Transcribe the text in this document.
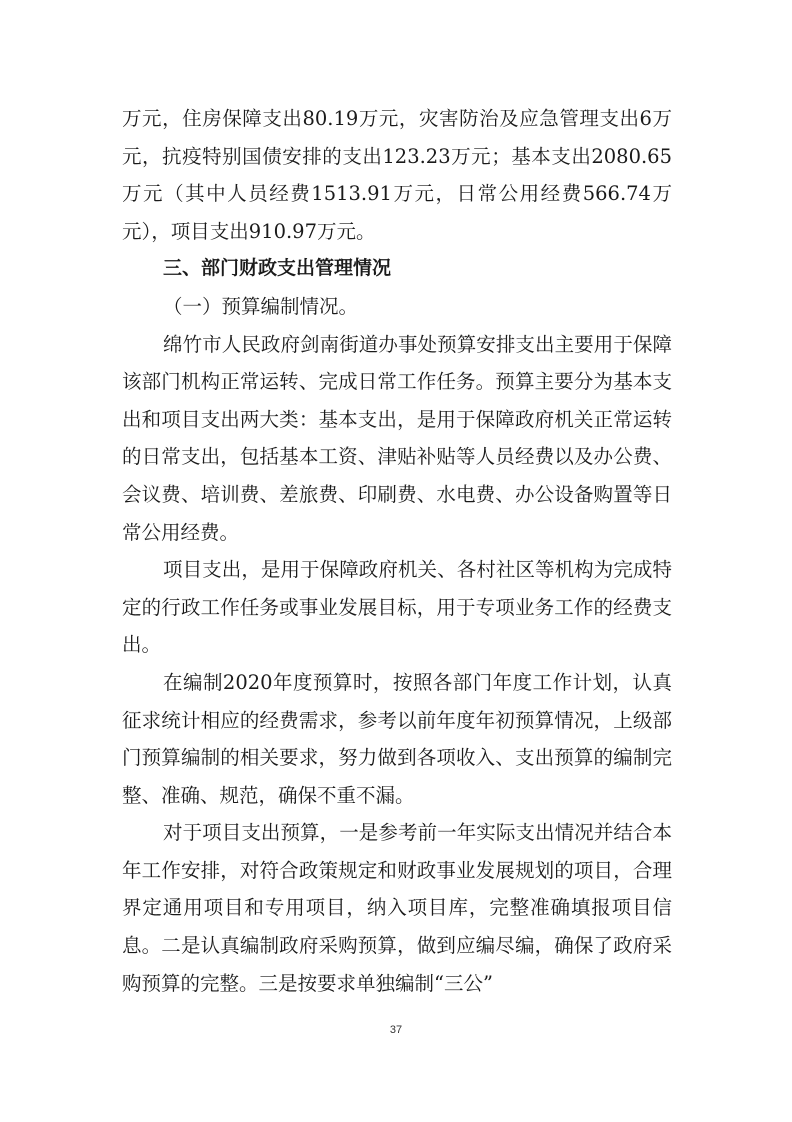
万元，住房保障支出80.19万元，灾害防治及应急管理支出6万元，抗疫特别国债安排的支出123.23万元；基本支出2080.65万元（其中人员经费1513.91万元，日常公用经费566.74万元），项目支出910.97万元。

三、部门财政支出管理情况

（一）预算编制情况。

绵竹市人民政府剑南街道办事处预算安排支出主要用于保障该部门机构正常运转、完成日常工作任务。预算主要分为基本支出和项目支出两大类：基本支出，是用于保障政府机关正常运转的日常支出，包括基本工资、津贴补贴等人员经费以及办公费、会议费、培训费、差旅费、印刷费、水电费、办公设备购置等日常公用经费。

项目支出，是用于保障政府机关、各村社区等机构为完成特定的行政工作任务或事业发展目标，用于专项业务工作的经费支出。

在编制2020年度预算时，按照各部门年度工作计划，认真征求统计相应的经费需求，参考以前年度年初预算情况，上级部门预算编制的相关要求，努力做到各项收入、支出预算的编制完整、准确、规范，确保不重不漏。

对于项目支出预算，一是参考前一年实际支出情况并结合本年工作安排，对符合政策规定和财政事业发展规划的项目，合理界定通用项目和专用项目，纳入项目库，完整准确填报项目信息。二是认真编制政府采购预算，做到应编尽编，确保了政府采购预算的完整。三是按要求单独编制“三公”

37
